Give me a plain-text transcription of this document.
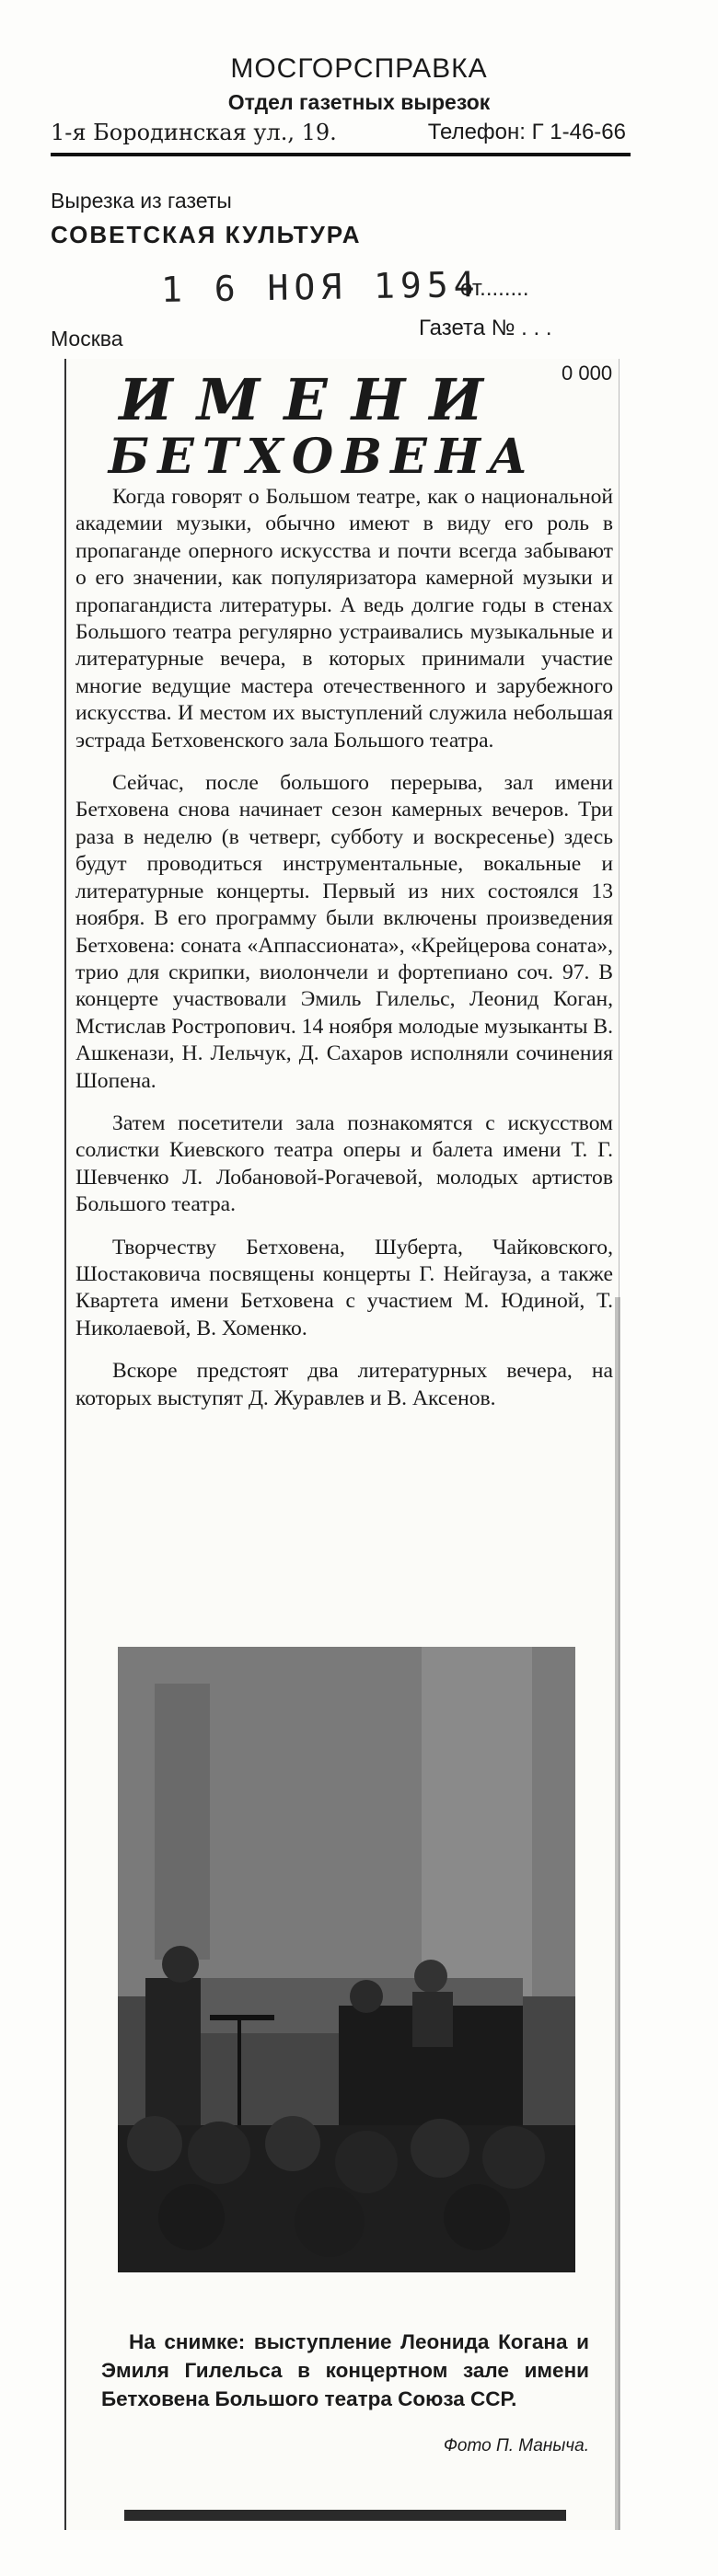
МОСГОРСПРАВКА
Отдел газетных вырезок
1-я Бородинская ул., 19.	Телефон: Г 1-46-66
Вырезка из газеты
СОВЕТСКАЯ КУЛЬТУРА
1 6 НОЯ 1954
от........
Москва	Газета № . . .
0 000
ИМЕНИ
БЕТХОВЕНА

Когда говорят о Большом театре, как о национальной академии музыки, обычно имеют в виду его роль в пропаганде оперного искусства и почти всегда забывают о его значении, как популяризатора камерной музыки и пропагандиста литературы. А ведь долгие годы в стенах Большого театра регулярно устраивались музыкальные и литературные вечера, в которых принимали участие многие ведущие мастера отечественного и зарубежного искусства. И местом их выступлений служила небольшая эстрада Бетховенского зала Большого театра.

Сейчас, после большого перерыва, зал имени Бетховена снова начинает сезон камерных вечеров. Три раза в неделю (в четверг, субботу и воскресенье) здесь будут проводиться инструментальные, вокальные и литературные концерты. Первый из них состоялся 13 ноября. В его программу были включены произведения Бетховена: соната «Аппассионата», «Крейцерова соната», трио для скрипки, виолончели и фортепиано соч. 97. В концерте участвовали Эмиль Гилельс, Леонид Коган, Мстислав Ростропович. 14 ноября молодые музыканты В. Ашкенази, Н. Лельчук, Д. Сахаров исполняли сочинения Шопена.

Затем посетители зала познакомятся с искусством солистки Киевского театра оперы и балета имени Т. Г. Шевченко Л. Лобановой-Рогачевой, молодых артистов Большого театра.

Творчеству Бетховена, Шуберта, Чайковского, Шостаковича посвящены концерты Г. Нейгауза, а также Квартета имени Бетховена с участием М. Юдиной, Т. Николаевой, В. Хоменко.

Вскоре предстоят два литературных вечера, на которых выступят Д. Журавлев и В. Аксенов.

На снимке: выступление Леонида Когана и Эмиля Гилельса в концертном зале имени Бетховена Большого театра Союза ССР.
Фото П. Маныча.
